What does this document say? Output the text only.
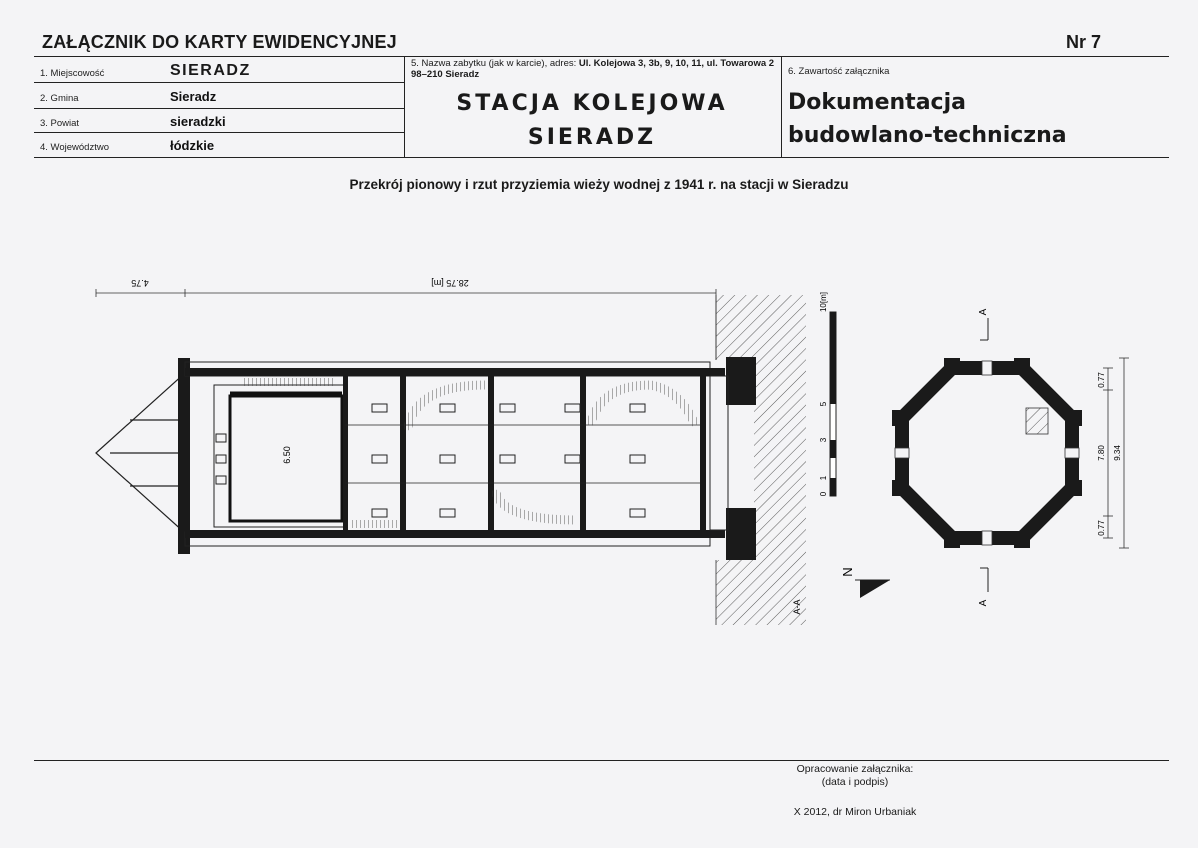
ZAŁĄCZNIK DO KARTY EWIDENCYJNEJ	Nr 7
1. Miejscowość	SIERADZ
2. Gmina	Sieradz
3. Powiat	sieradzki
4. Województwo	łódzkie
5. Nazwa zabytku (jak w karcie), adres: Ul. Kolejowa 3, 3b, 9, 10, 11, ul. Towarowa 2 98–210 Sieradz
STACJA KOLEJOWA
SIERADZ
6. Zawartość załącznika
Dokumentacja
budowlano-techniczna
Przekrój pionowy i rzut przyziemia wieży wodnej z 1941 r. na stacji w Sieradzu
28.75 [m]
4.75
6.50
10[m]
0
1
3
5
A-A
N
A
A
0.77
7.80 9.34
0.77
Opracowanie załącznika:
(data i podpis)
X 2012, dr Miron Urbaniak
